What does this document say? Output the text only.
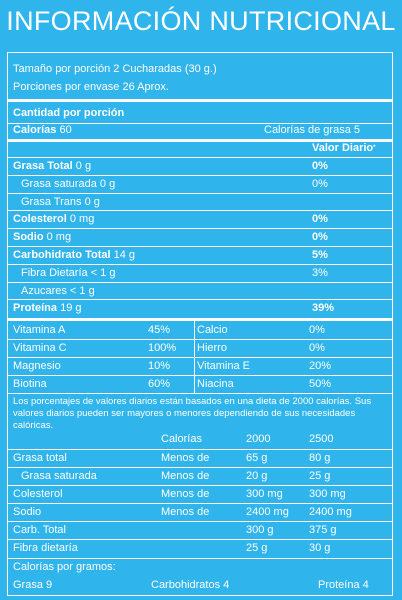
INFORMACIÓN NUTRICIONAL
Tamaño por porción 2 Cucharadas (30 g.)
Porciones por envase 26 Aprox.
Cantidad por porción
Calorías 60	Calorías de grasa 5
Valor Diario*
Grasa Total 0 g	0%
Grasa saturada 0 g	0%
Grasa Trans 0 g
Colesterol 0 mg	0%
Sodio 0 mg	0%
Carbohidrato Total 14 g	5%
Fibra Dietaría < 1 g	3%
Azucares < 1 g
Proteína 19 g	39%
Vitamina A	45% Calcio	0%
Vitamina C	100% Hierro	0%
Magnesio	10% Vitamina E	20%
Biotina	60% Niacina	50%
Los porcentajes de valores diarios están basados en una dieta de 2000 calorías. Sus
valores diarios pueden ser mayores o menores dependiendo de sus necesidades
calóricas.
Calorías	2000	2500
Grasa total	Menos de	65 g	80 g
Grasa saturada	Menos de	20 g	25 g
Colesterol	Menos de	300 mg 300 mg
Sodio	Menos de	2400 mg 2400 mg
Carb. Total	300 g	375 g
Fibra dietaría	25 g	30 g
Calorías por gramos:
Grasa 9	Carbohidratos 4	Proteína 4
